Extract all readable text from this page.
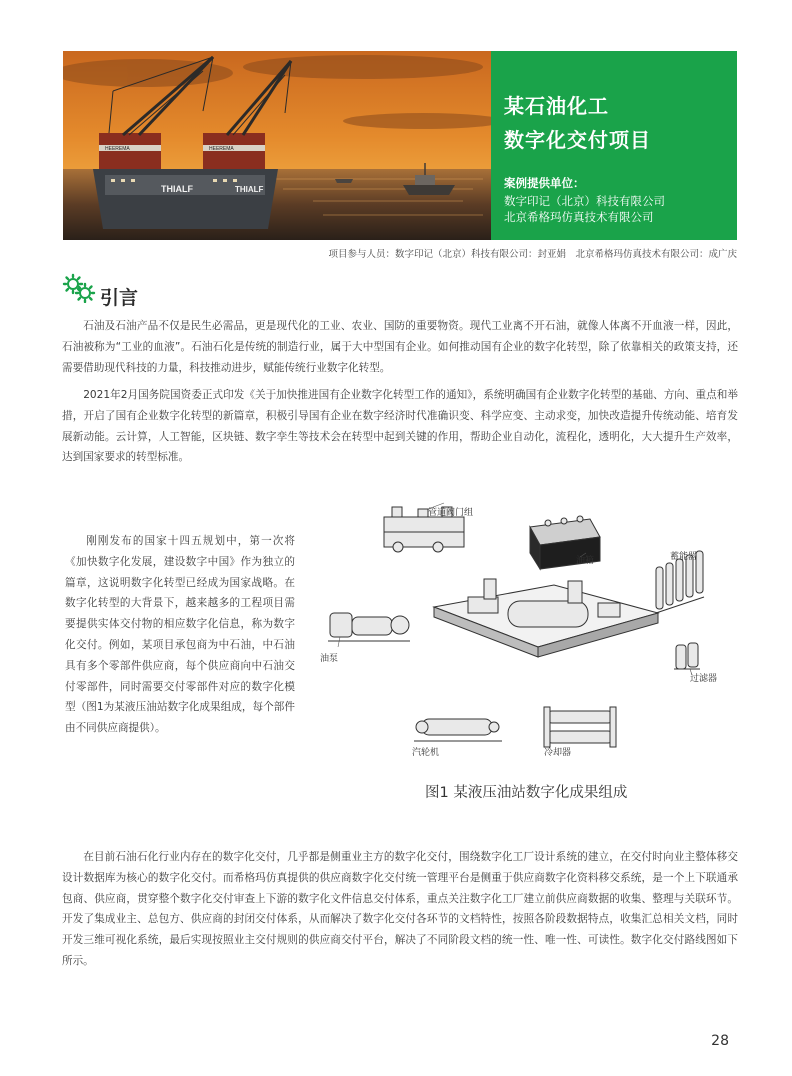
THIALF	THIALF
HEEREMA	HEEREMA
某石油化工
数字化交付项目
案例提供单位：
数字印记（北京）科技有限公司
北京希格玛仿真技术有限公司
项目参与人员：数字印记（北京）科技有限公司：封亚娟　北京希格玛仿真技术有限公司：成广庆
引言

石油及石油产品不仅是民生必需品，更是现代化的工业、农业、国防的重要物资。现代工业离不开石油，就像人体离不开血液一样，因此，石油被称为“工业的血液”。石油石化是传统的制造行业，属于大中型国有企业。如何推动国有企业的数字化转型，除了依靠相关的政策支持，还需要借助现代科技的力量，科技推动进步，赋能传统行业数字化转型。

2021年2月国务院国资委正式印发《关于加快推进国有企业数字化转型工作的通知》，系统明确国有企业数字化转型的基础、方向、重点和举措，开启了国有企业数字化转型的新篇章，积极引导国有企业在数字经济时代准确识变、科学应变、主动求变，加快改造提升传统动能、培育发展新动能。云计算，人工智能，区块链、数字孪生等技术会在转型中起到关键的作用，帮助企业自动化，流程化，透明化，大大提升生产效率，达到国家要求的转型标准。

刚刚发布的国家十四五规划中，第一次将《加快数字化发展，建设数字中国》作为独立的篇章，这说明数字化转型已经成为国家战略。在数字化转型的大背景下，越来越多的工程项目需要提供实体交付物的相应数字化信息，称为数字化交付。例如，某项目承包商为中石油，中石油具有多个零部件供应商，每个供应商向中石油交付零部件，同时需要交付零部件对应的数字化模型（图1为某液压油站数字化成果组成，每个部件由不同供应商提供）。

管道阀门组
油箱	蓄能器
油泵
过滤器
汽轮机	冷却器
图1 某液压油站数字化成果组成

在目前石油石化行业内存在的数字化交付，几乎都是侧重业主方的数字化交付，围绕数字化工厂设计系统的建立，在交付时向业主整体移交设计数据库为核心的数字化交付。而希格玛仿真提供的供应商数字化交付统一管理平台是侧重于供应商数字化资料移交系统，是一个上下联通承包商、供应商，贯穿整个数字化交付审查上下游的数字化文件信息交付体系，重点关注数字化工厂建立前供应商数据的收集、整理与关联环节。开发了集成业主、总包方、供应商的封闭交付体系，从而解决了数字化交付各环节的文档特性，按照各阶段数据特点，收集汇总相关文档，同时开发三维可视化系统，最后实现按照业主交付规则的供应商交付平台，解决了不同阶段文档的统一性、唯一性、可读性。数字化交付路线图如下所示。

28
